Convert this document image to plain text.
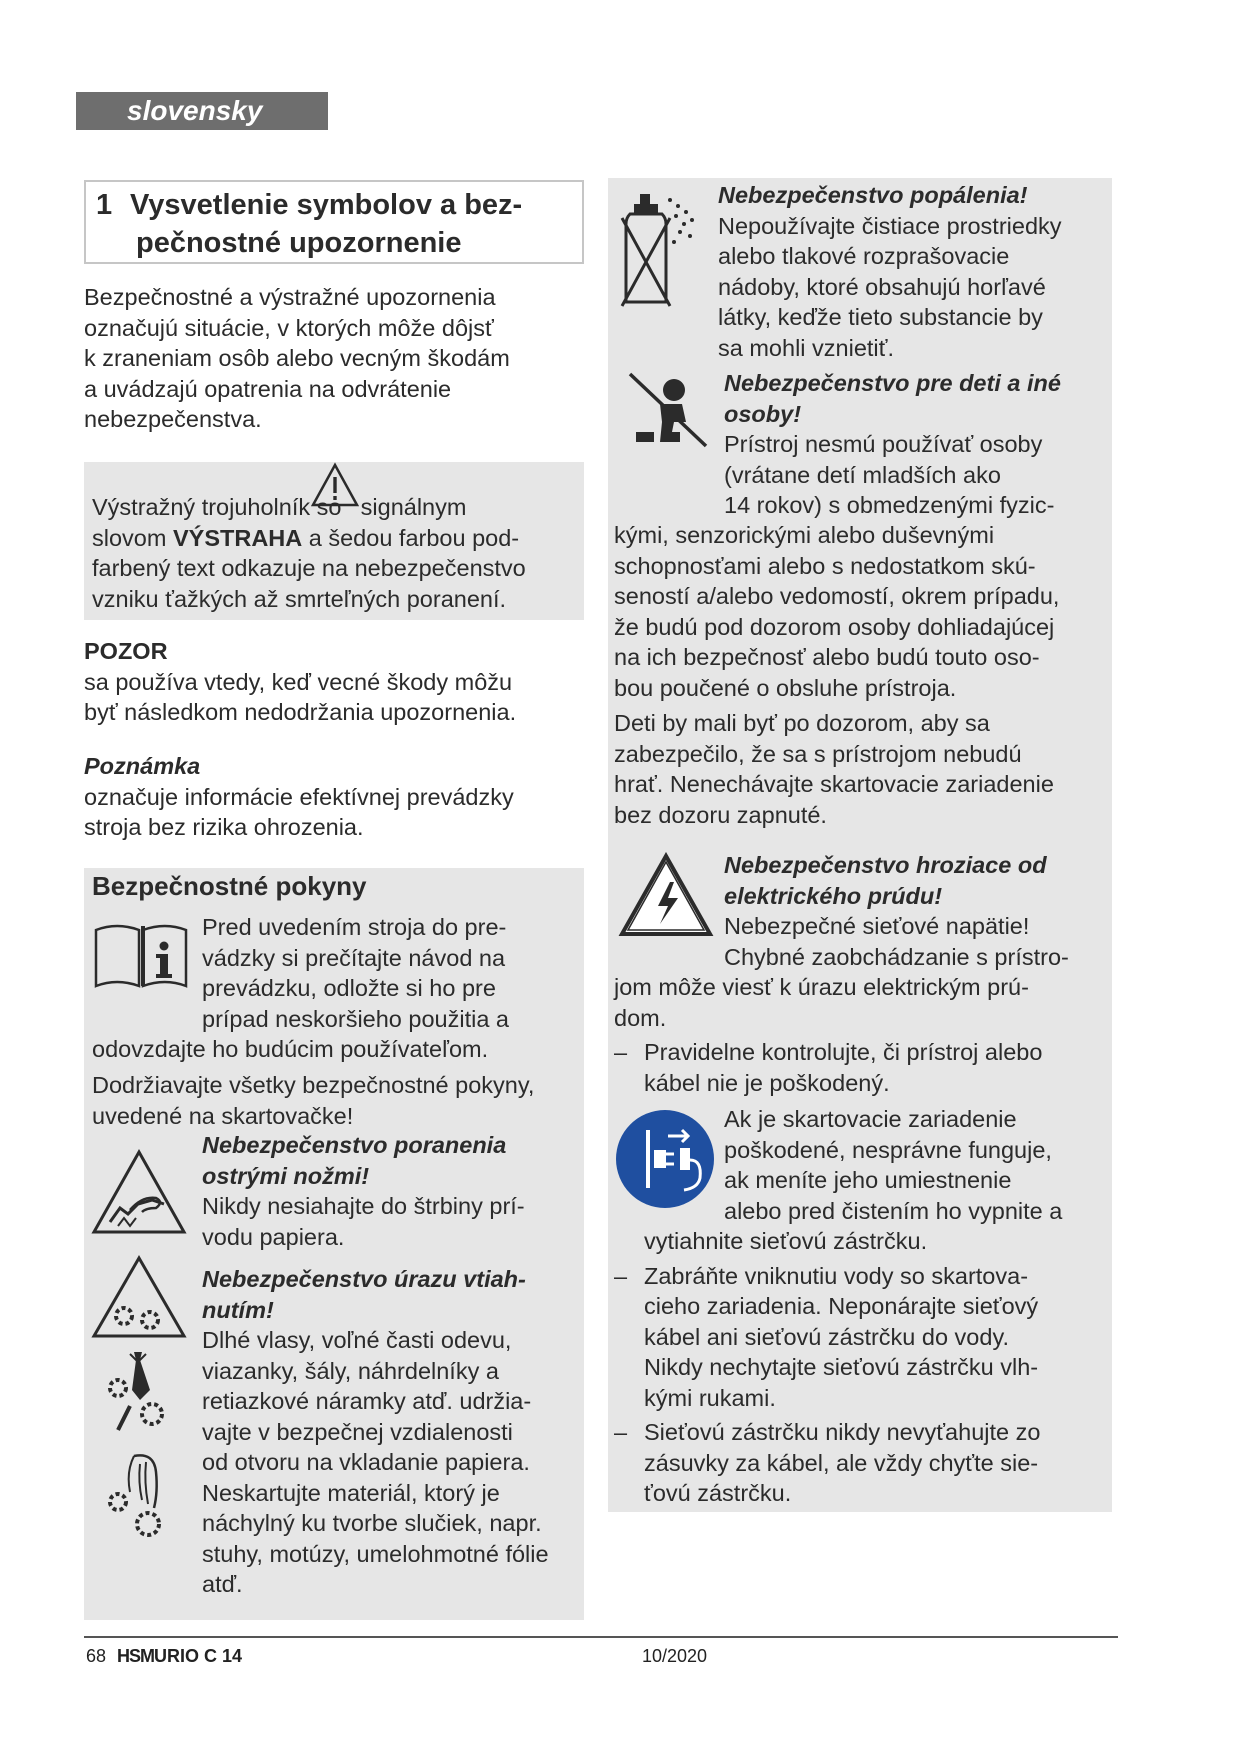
slovensky
1 Vysvetlenie symbolov a bez-
pečnostné upozornenie

Bezpečnostné a výstražné upozornenia

označujú situácie, v ktorých môže dôjsť

k zraneniam osôb alebo vecným škodám

a uvádzajú opatrenia na odvrátenie

nebezpečenstva.

Výstražný trojuholník so signálnym

slovom VÝSTRAHA a šedou farbou pod-

farbený text odkazuje na nebezpečenstvo

vzniku ťažkých až smrteľných poranení.

POZOR

sa používa vtedy, keď vecné škody môžu

byť následkom nedodržania upozornenia.

Poznámka

označuje informácie efektívnej prevádzky

stroja bez rizika ohrozenia.

Bezpečnostné pokyny

Pred uvedením stroja do pre-

vádzky si prečítajte návod na

prevádzku, odložte si ho pre

prípad neskoršieho použitia a

odovzdajte ho budúcim používateľom.

Dodržiavajte všetky bezpečnostné pokyny,

uvedené na skartovačke!

Nebezpečenstvo poranenia

ostrými nožmi!

Nikdy nesiahajte do štrbiny prí-

vodu papiera.

Nebezpečenstvo úrazu vtiah-

nutím!

Dlhé vlasy, voľné časti odevu,

viazanky, šály, náhrdelníky a

retiazkové náramky atď. udržia-

vajte v bezpečnej vzdialenosti

od otvoru na vkladanie papiera.

Neskartujte materiál, ktorý je

náchylný ku tvorbe slučiek, napr.

stuhy, motúzy, umelohmotné fólie

atď.

Nebezpečenstvo popálenia!

Nepoužívajte čistiace prostriedky

alebo tlakové rozprašovacie

nádoby, ktoré obsahujú horľavé

látky, keďže tieto substancie by

sa mohli vznietiť.

Nebezpečenstvo pre deti a iné

osoby!

Prístroj nesmú používať osoby

(vrátane detí mladších ako

14 rokov) s obmedzenými fyzic-

kými, senzorickými alebo duševnými

schopnosťami alebo s nedostatkom skú-

seností a/alebo vedomostí, okrem prípadu,

že budú pod dozorom osoby dohliadajúcej

na ich bezpečnosť alebo budú touto oso-

bou poučené o obsluhe prístroja.

Deti by mali byť po dozorom, aby sa

zabezpečilo, že sa s prístrojom nebudú

hrať. Nenechávajte skartovacie zariadenie

bez dozoru zapnuté.

Nebezpečenstvo hroziace od

elektrického prúdu!

Nebezpečné sieťové napätie!

Chybné zaobchádzanie s prístro-

jom môže viesť k úrazu elektrickým prú-

dom.

– Pravidelne kontrolujte, či prístroj alebo

kábel nie je poškodený.

Ak je skartovacie zariadenie

poškodené, nesprávne funguje,

ak meníte jeho umiestnenie

alebo pred čistením ho vypnite a

vytiahnite sieťovú zástrčku.

– Zabráňte vniknutiu vody so skartova-

cieho zariadenia. Neponárajte sieťový

kábel ani sieťovú zástrčku do vody.

Nikdy nechytajte sieťovú zástrčku vlh-

kými rukami.

– Sieťovú zástrčku nikdy nevyťahujte zo

zásuvky za kábel, ale vždy chyťte sie-

ťovú zástrčku.

68 HSMURIO C 14	10/2020
